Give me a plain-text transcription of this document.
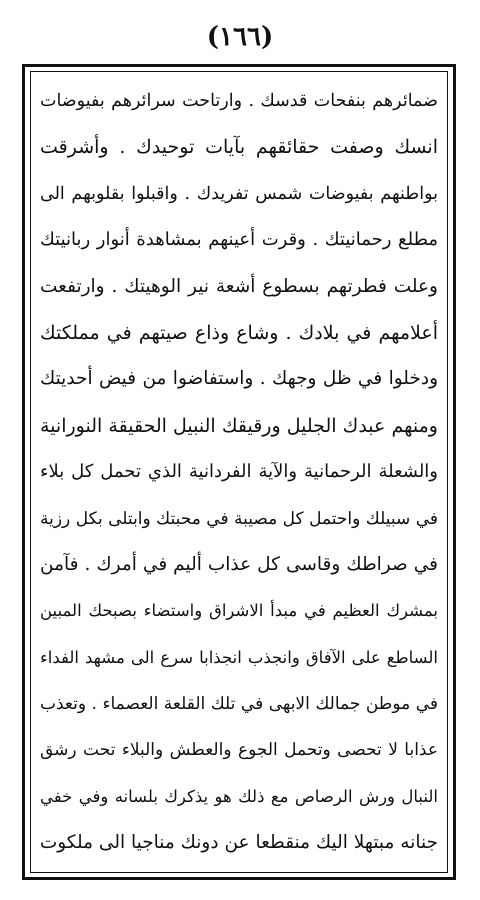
(١٦٦)
ضمائرهم بنفحات قدسك . وارتاحت سرائرهم بفيوضات
انسك وصفت حقائقهم بآيات توحيدك . وأشرقت
بواطنهم بفيوضات شمس تفريدك . واقبلوا بقلوبهم الى
مطلع رحمانيتك . وقرت أعينهم بمشاهدة أنوار ربانيتك
وعلت فطرتهم بسطوع أشعة نير الوهيتك . وارتفعت
أعلامهم في بلادك . وشاع وذاع صيتهم في مملكتك
ودخلوا في ظل وجهك . واستفاضوا من فيض أحديتك
ومنهم عبدك الجليل ورقيقك النبيل الحقيقة النورانية
والشعلة الرحمانية والآية الفردانية الذي تحمل كل بلاء
في سبيلك واحتمل كل مصيبة في محبتك وابتلى بكل رزية
في صراطك وقاسى كل عذاب أليم في أمرك . فآمن
بمشرك العظيم في مبدأ الاشراق واستضاء بصبحك المبين
الساطع على الآفاق وانجذب انجذابا سرع الى مشهد الفداء
في موطن جمالك الابهى في تلك القلعة العصماء . وتعذب
عذابا لا تحصى وتحمل الجوع والعطش والبلاء تحت رشق
النبال ورش الرصاص مع ذلك هو يذكرك بلسانه وفي خفي
جنانه مبتهلا اليك منقطعا عن دونك مناجيا الى ملكوت
